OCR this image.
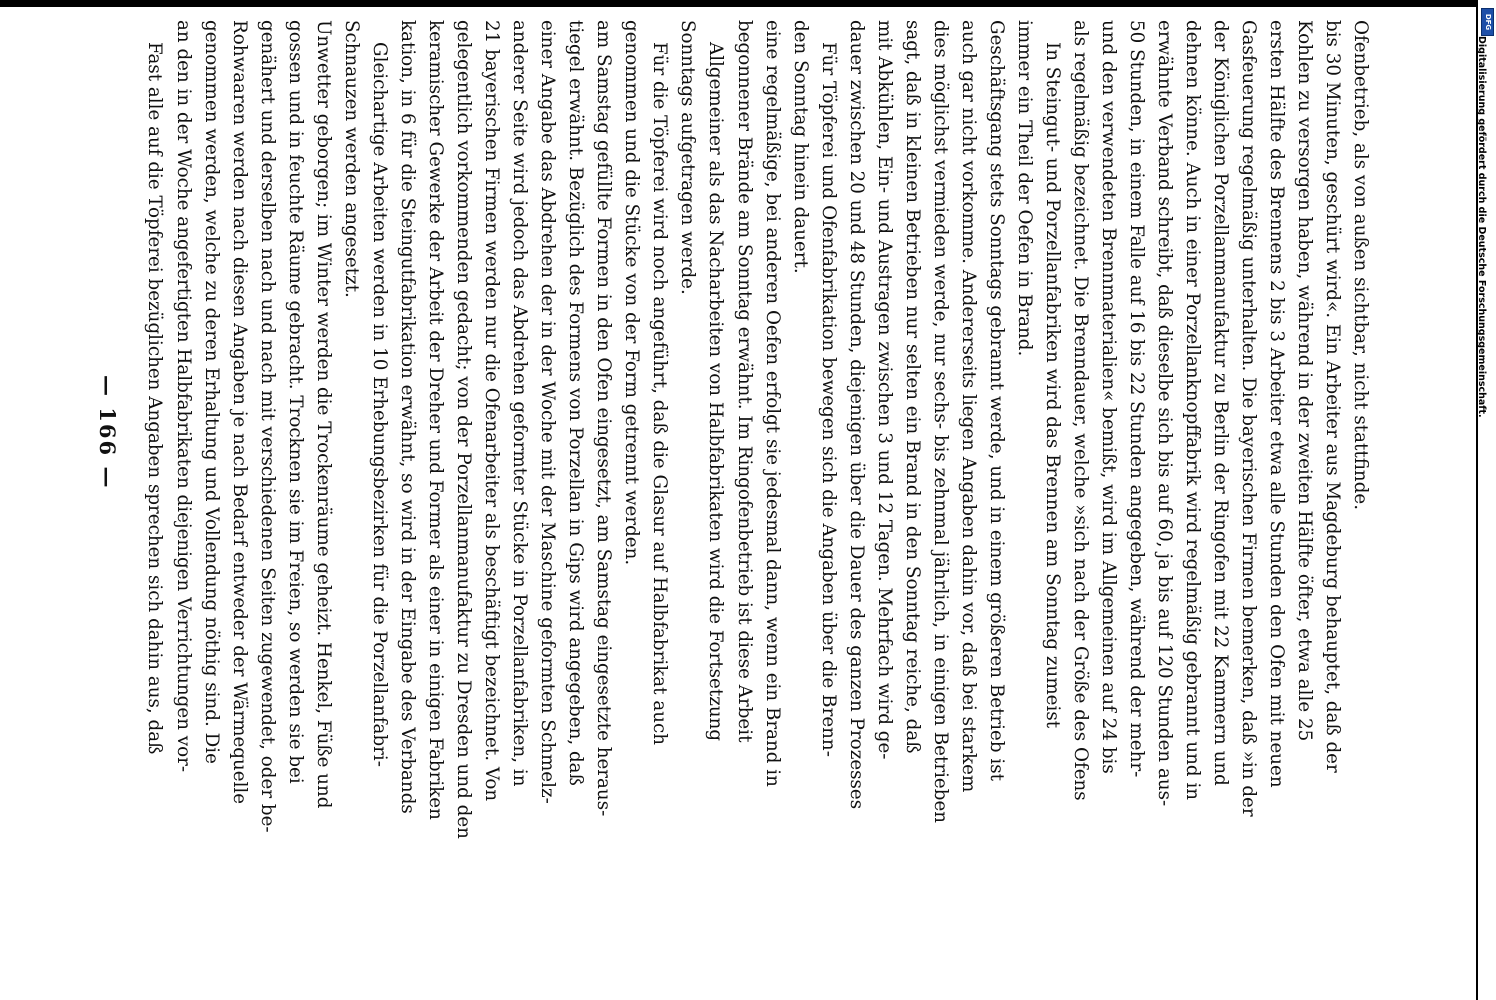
DFG
Digitalisierung gefördert durch die Deutsche Forschungsgemeinschaft.
— 166 — Fast alle auf die Töpferei bezüglichen Angaben sprechen sich dahin aus, daß an den in der Woche angefertigten Halbfabrikaten diejenigen Verrichtungen vor- genommen werden, welche zu deren Erhaltung und Vollendung nöthig sind. Die Rohwaaren werden nach diesen Angaben je nach Bedarf entweder der Wärmequelle genähert und derselben nach und nach mit verschiedenen Seiten zugewendet, oder be- gossen und in feuchte Räume gebracht. Trocknen sie im Freien, so werden sie bei Unwetter geborgen; im Winter werden die Trockenräume geheizt. Henkel, Füße und Schnauzen werden angesetzt. Gleichartige Arbeiten werden in 10 Erhebungsbezirken für die Porzellanfabri- kation, in 6 für die Steingutfabrikation erwähnt, so wird in der Eingabe des Verbands keramischer Gewerke der Arbeit der Dreher und Former als einer in einigen Fabriken gelegentlich vorkommenden gedacht; von der Porzellanmanufaktur zu Dresden und den 21 bayerischen Firmen werden nur die Ofenarbeiter als beschäftigt bezeichnet. Von anderer Seite wird jedoch das Abdrehen geformter Stücke in Porzellanfabriken, in einer Angabe das Abdrehen der in der Woche mit der Maschine geformten Schmelz- tiegel erwähnt. Bezüglich des Formens von Porzellan in Gips wird angegeben, daß am Samstag gefüllte Formen in den Ofen eingesetzt, am Samstag eingesetzte heraus- genommen und die Stücke von der Form getrennt werden. Für die Töpferei wird noch angeführt, daß die Glasur auf Halbfabrikat auch Sonntags aufgetragen werde. Allgemeiner als das Nacharbeiten von Halbfabrikaten wird die Fortsetzung begonnener Brände am Sonntag erwähnt. Im Ringofenbetrieb ist diese Arbeit eine regelmäßige, bei anderen Oefen erfolgt sie jedesmal dann, wenn ein Brand in den Sonntag hinein dauert. Für Töpferei und Ofenfabrikation bewegen sich die Angaben über die Brenn- dauer zwischen 20 und 48 Stunden, diejenigen über die Dauer des ganzen Prozesses mit Abkühlen, Ein- und Austragen zwischen 3 und 12 Tagen. Mehrfach wird ge- sagt, daß in kleinen Betrieben nur selten ein Brand in den Sonntag reiche, daß dies möglichst vermieden werde, nur sechs- bis zehnmal jährlich, in einigen Betrieben auch gar nicht vorkomme. Andererseits liegen Angaben dahin vor, daß bei starkem Geschäftsgang stets Sonntags gebrannt werde, und in einem größeren Betrieb ist immer ein Theil der Oefen in Brand. In Steingut- und Porzellanfabriken wird das Brennen am Sonntag zumeist als regelmäßig bezeichnet. Die Brenndauer, welche »sich nach der Größe des Ofens und den verwendeten Brennmaterialien« bemißt, wird im Allgemeinen auf 24 bis 50 Stunden, in einem Falle auf 16 bis 22 Stunden angegeben, während der mehr- erwähnte Verband schreibt, daß dieselbe sich bis auf 60, ja bis auf 120 Stunden aus- dehnen könne. Auch in einer Porzellanknopffabrik wird regelmäßig gebrannt und in der Königlichen Porzellanmanufaktur zu Berlin der Ringofen mit 22 Kammern und Gasfeuerung regelmäßig unterhalten. Die bayerischen Firmen bemerken, daß »in der ersten Hälfte des Brennens 2 bis 3 Arbeiter etwa alle Stunden den Ofen mit neuen Kohlen zu versorgen haben, während in der zweiten Hälfte öfter, etwa alle 25 bis 30 Minuten, geschürt wird«. Ein Arbeiter aus Magdeburg behauptet, daß der Ofenbetrieb, als von außen sichtbar, nicht stattfinde.
